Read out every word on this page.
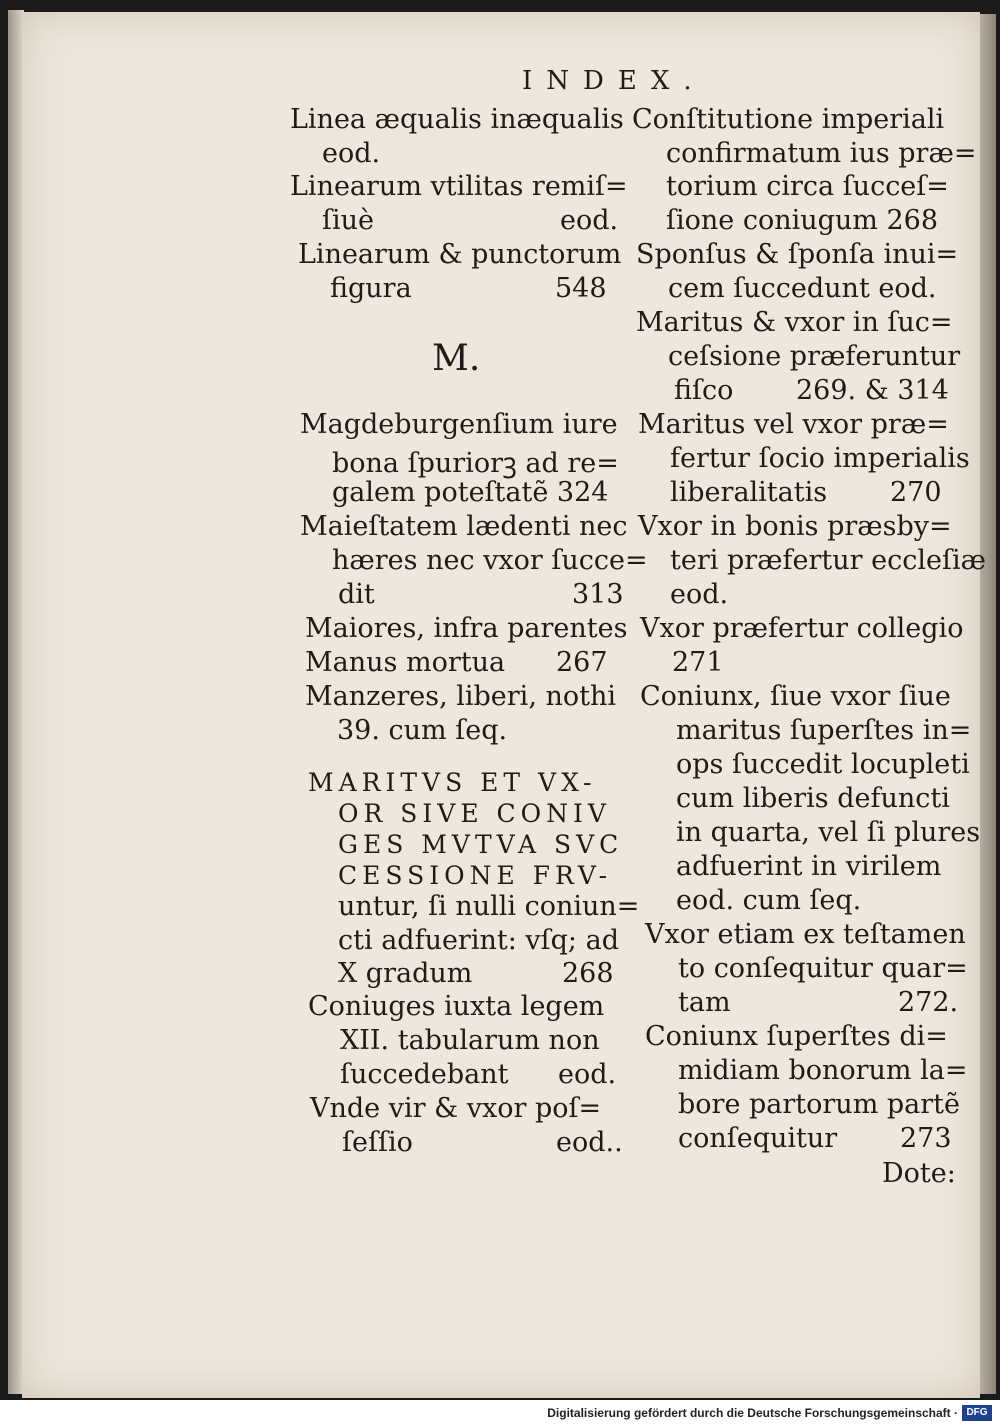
INDEX.
Linea æqualis inæqualis
eod.
Linearum vtilitas remiſ=
ſiuè	eod.
Linearum & punctorum
figura	548
M.
Magdeburgenſium iure
bona ſpuriorꝫ ad re=
galem poteſtatẽ 324
Maieſtatem lædenti nec
hæres nec vxor ſucce=
dit	313
Maiores, infra parentes
Manus mortua 267
Manzeres, liberi, nothi
39. cum ſeq.
MARITVS ET VX-
OR SIVE CONIV
GES MVTVA SVC
CESSIONE FRV-
untur, ſi nulli coniun=
cti adfuerint: vſq; ad
X gradum	268
Coniuges iuxta legem
XII. tabularum non
ſuccedebant eod.
Vnde vir & vxor poſ=
ſeſſio	eod..
Conſtitutione imperiali
confirmatum ius præ=
torium circa ſucceſ=
ſione coniugum 268
Sponſus & ſponſa inui=
cem ſuccedunt eod.
Maritus & vxor in ſuc=
ceſsione præferuntur
fiſco 269. & 314
Maritus vel vxor præ=
fertur ſocio imperialis
liberalitatis 270
Vxor in bonis præsby=
teri præfertur eccleſiæ
eod.
Vxor præfertur collegio
271
Coniunx, ſiue vxor ſiue
maritus ſuperſtes in=
ops ſuccedit locupleti
cum liberis defuncti
in quarta, vel ſi plures
adfuerint in virilem
eod. cum ſeq.
Vxor etiam ex teſtamen
to conſequitur quar=
tam	272.
Coniunx ſuperſtes di=
midiam bonorum la=
bore partorum partẽ
conſequitur 273
Dote:
Digitalisierung gefördert durch die Deutsche Forschungsgemeinschaft · DFG
